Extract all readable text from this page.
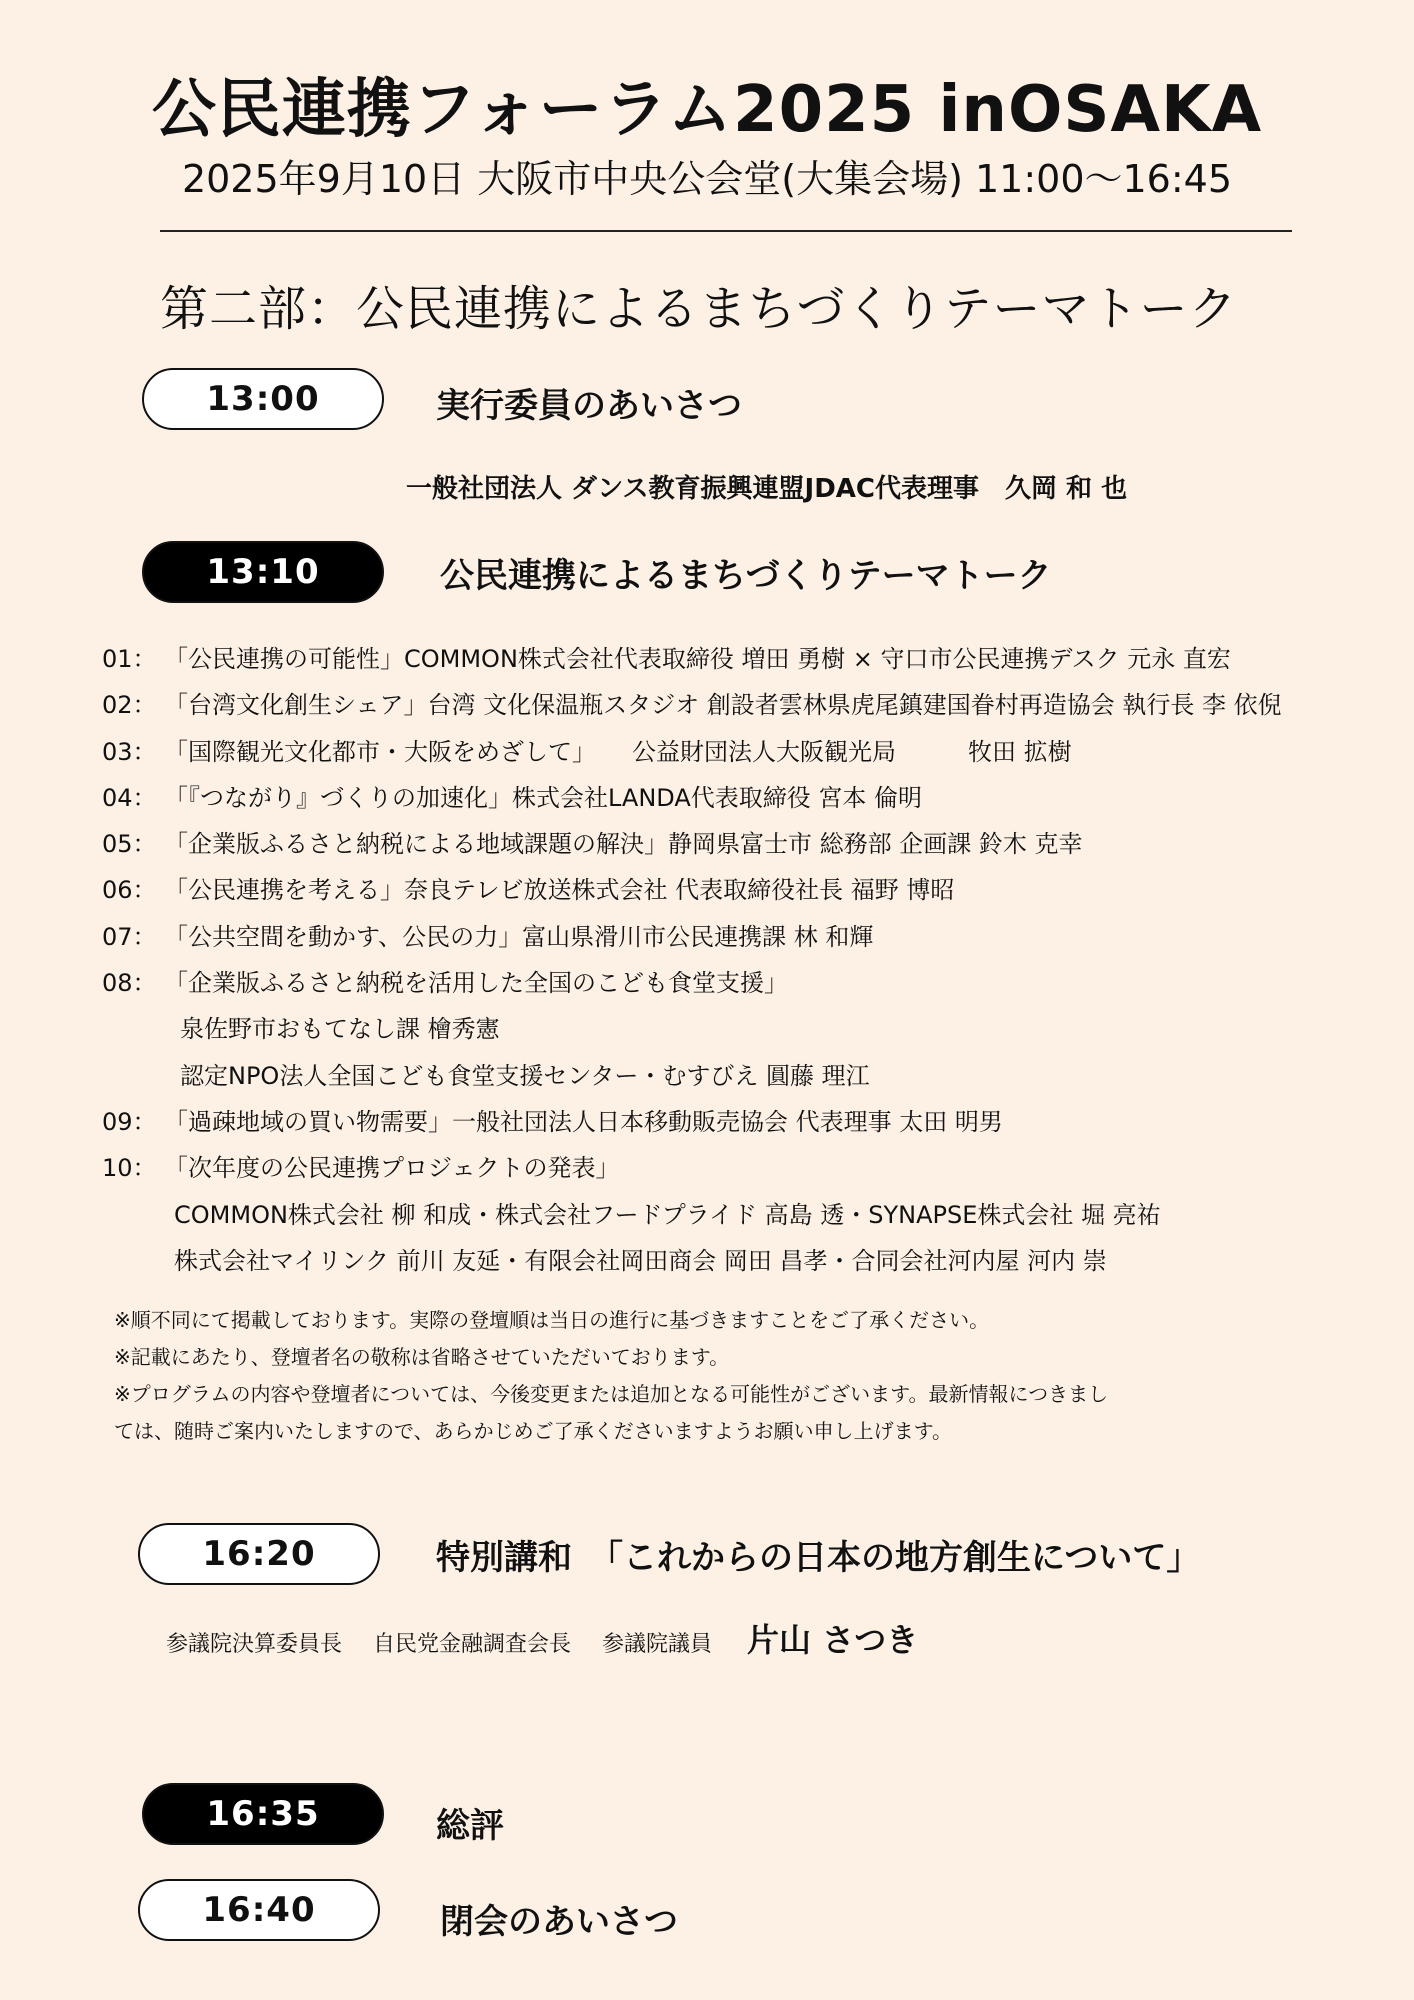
公民連携フォーラム2025 inOSAKA
2025年9月10日 大阪市中央公会堂(大集会場) 11:00〜16:45
第二部：公民連携によるまちづくりテーマトーク
13:00	実行委員のあいさつ
一般社団法人 ダンス教育振興連盟JDAC代表理事　久岡 和 也
13:10	公民連携によるまちづくりテーマトーク
01： 「公民連携の可能性」COMMON株式会社代表取締役 増田 勇樹 × 守口市公民連携デスク 元永 直宏
02： 「台湾文化創生シェア」台湾 文化保温瓶スタジオ 創設者雲林県虎尾鎮建国眷村再造協会 執行長 李 依倪
03： 「国際観光文化都市・大阪をめざして」　　公益財団法人大阪観光局　　　牧田 拡樹
04： 「『つながり』づくりの加速化」株式会社LANDA代表取締役 宮本 倫明
05： 「企業版ふるさと納税による地域課題の解決」静岡県富士市 総務部 企画課 鈴木 克幸
06： 「公民連携を考える」奈良テレビ放送株式会社 代表取締役社長 福野 博昭
07： 「公共空間を動かす、公民の力」富山県滑川市公民連携課 林 和輝
08： 「企業版ふるさと納税を活用した全国のこども食堂支援」
泉佐野市おもてなし課 檜秀憲
認定NPO法人全国こども食堂支援センター・むすびえ 圓藤 理江
09： 「過疎地域の買い物需要」一般社団法人日本移動販売協会 代表理事 太田 明男
10： 「次年度の公民連携プロジェクトの発表」
COMMON株式会社 柳 和成・株式会社フードプライド 高島 透・SYNAPSE株式会社 堀 亮祐
株式会社マイリンク 前川 友延・有限会社岡田商会 岡田 昌孝・合同会社河内屋 河内 崇
※順不同にて掲載しております。実際の登壇順は当日の進行に基づきますことをご了承ください。
※記載にあたり、登壇者名の敬称は省略させていただいております。
※プログラムの内容や登壇者については、今後変更または追加となる可能性がございます。最新情報につきまし
ては、随時ご案内いたしますので、あらかじめご了承くださいますようお願い申し上げます。
16:20	特別講和　「これからの日本の地方創生について」
参議院決算委員長 自民党金融調査会長 参議院議員 片山 さつき
16:35	総評
16:40	閉会のあいさつ
